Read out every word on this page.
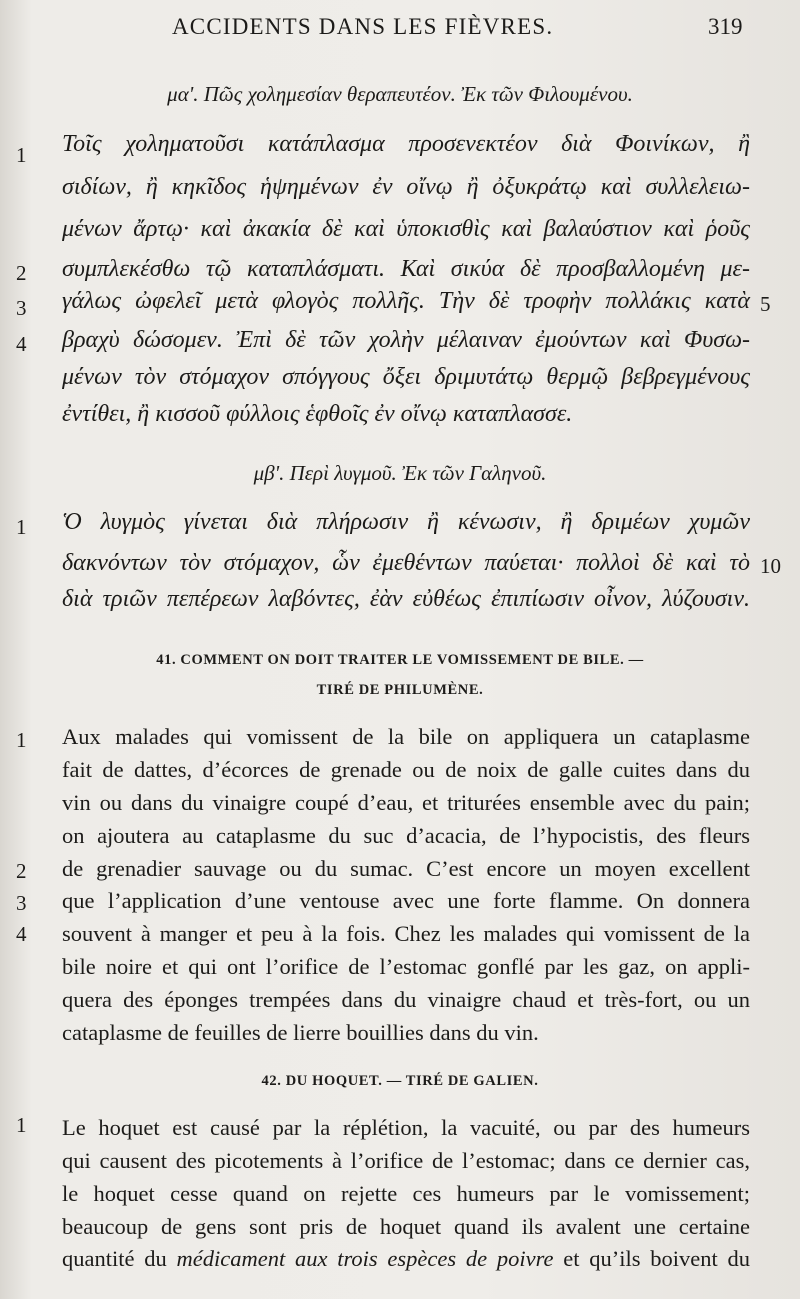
ACCIDENTS DANS LES FIÈVRES.	319
μα'. Πῶς χολημεσίαν θεραπευτέον. Ἐκ τῶν Φιλουμένου.
Τοῖς χοληματοῦσι κατάπλασμα προσενεκτέον διὰ Φοινίκων, ἢ
σιδίων, ἢ κηκῖδος ἡψημένων ἐν οἴνῳ ἢ ὀξυκράτῳ καὶ συλλελειω-
μένων ἄρτῳ· καὶ ἀκακία δὲ καὶ ὑποκισθὶς καὶ βαλαύστιον καὶ ῥοῦς
συμπλεκέσθω τῷ καταπλάσματι. Καὶ σικύα δὲ προσβαλλομένη με-
γάλως ὠφελεῖ μετὰ φλογὸς πολλῆς. Τὴν δὲ τροφὴν πολλάκις κατὰ
βραχὺ δώσομεν. Ἐπὶ δὲ τῶν χολὴν μέλαιναν ἐμούντων καὶ Φυσω-
μένων τὸν στόμαχον σπόγγους ὄξει δριμυτάτῳ θερμῷ βεβρεγμένους
ἐντίθει, ἢ κισσοῦ φύλλοις ἑφθοῖς ἐν οἴνῳ καταπλασσε.
1
2
3
4
5
μβ'. Περὶ λυγμοῦ. Ἐκ τῶν Γαληνοῦ.
Ὁ λυγμὸς γίνεται διὰ πλήρωσιν ἢ κένωσιν, ἢ δριμέων χυμῶν
δακνόντων τὸν στόμαχον, ὧν ἐμεθέντων παύεται· πολλοὶ δὲ καὶ τὸ
διὰ τριῶν πεπέρεων λαβόντες, ἐὰν εὐθέως ἐπιπίωσιν οἶνον, λύζουσιν.
1
10
41. COMMENT ON DOIT TRAITER LE VOMISSEMENT DE BILE. —
TIRÉ DE PHILUMÈNE.
Aux malades qui vomissent de la bile on appliquera un cataplasme
fait de dattes, d’écorces de grenade ou de noix de galle cuites dans du
vin ou dans du vinaigre coupé d’eau, et triturées ensemble avec du pain;
on ajoutera au cataplasme du suc d’acacia, de l’hypocistis, des fleurs
de grenadier sauvage ou du sumac. C’est encore un moyen excellent
que l’application d’une ventouse avec une forte flamme. On donnera
souvent à manger et peu à la fois. Chez les malades qui vomissent de la
bile noire et qui ont l’orifice de l’estomac gonflé par les gaz, on appli-
quera des éponges trempées dans du vinaigre chaud et très-fort, ou un
cataplasme de feuilles de lierre bouillies dans du vin.
1
2
3
4
42. DU HOQUET. — TIRÉ DE GALIEN.
Le hoquet est causé par la réplétion, la vacuité, ou par des humeurs
qui causent des picotements à l’orifice de l’estomac; dans ce dernier cas,
le hoquet cesse quand on rejette ces humeurs par le vomissement;
beaucoup de gens sont pris de hoquet quand ils avalent une certaine
quantité du médicament aux trois espèces de poivre et qu’ils boivent du
1
